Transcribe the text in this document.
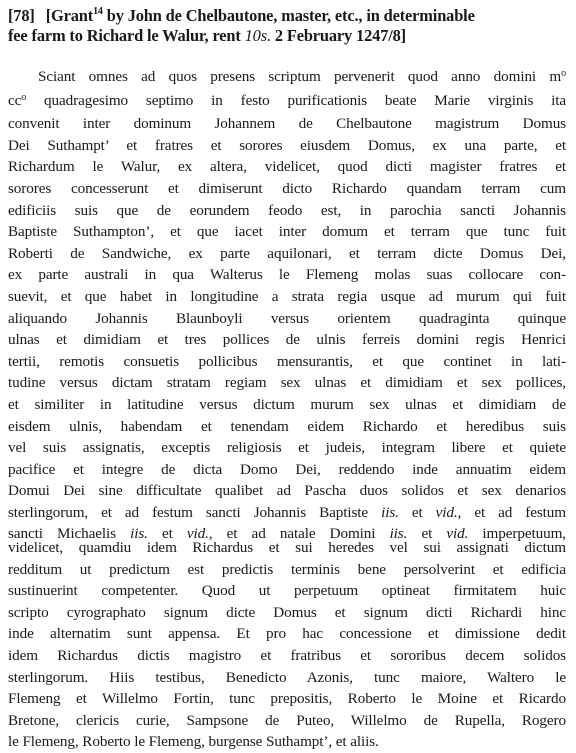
[78] [Grant$^{14}$ by John de Chelbautone, master, etc., in determinable
fee farm to Richard le Walur, rent 10s. 2 February 1247/8]
Sciant omnes ad quos presens scriptum pervenerit quod anno domini $m^o$
$cc^o$ quadragesimo septimo in festo purificationis beate Marie virginis ita
convenit inter dominum Johannem de Chelbautone magistrum Domus
Dei Suthampt’ et fratres et sorores eiusdem Domus, ex una parte, et
Richardum le Walur, ex altera, videlicet, quod dicti magister fratres et
sorores concesserunt et dimiserunt dicto Richardo quandam terram cum
edificiis suis que de eorundem feodo est, in parochia sancti Johannis
Baptiste Suthampton’, et que iacet inter domum et terram que tunc fuit
Roberti de Sandwiche, ex parte aquilonari, et terram dicte Domus Dei,
ex parte australi in qua Walterus le Flemeng molas suas collocare con-
suevit, et que habet in longitudine a strata regia usque ad murum qui fuit
aliquando Johannis Blaunboyli versus orientem quadraginta quinque
ulnas et dimidiam et tres pollices de ulnis ferreis domini regis Henrici
tertii, remotis consuetis pollicibus mensurantis, et que continet in lati-
tudine versus dictam stratam regiam sex ulnas et dimidiam et sex pollices,
et similiter in latitudine versus dictum murum sex ulnas et dimidiam de
eisdem ulnis, habendam et tenendam eidem Richardo et heredibus suis
vel suis assignatis, exceptis religiosis et judeis, integram libere et quiete
pacifice et integre de dicta Domo Dei, reddendo inde annuatim eidem
Domui Dei sine difficultate qualibet ad Pascha duos solidos et sex denarios
sterlingorum, et ad festum sancti Johannis Baptiste iis. et vid., et ad festum
sancti Michaelis iis. et vid., et ad natale Domini iis. et vid. imperpetuum,
videlicet, quamdiu idem Richardus et sui heredes vel sui assignati dictum
redditum ut predictum est predictis terminis bene persolverint et edificia
sustinuerint competenter. Quod ut perpetuum optineat firmitatem huic
scripto cyrographato signum dicte Domus et signum dicti Richardi hinc
inde alternatim sunt appensa. Et pro hac concessione et dimissione dedit
idem Richardus dictis magistro et fratribus et sororibus decem solidos
sterlingorum. Hiis testibus, Benedicto Azonis, tunc maiore, Waltero le
Flemeng et Willelmo Fortin, tunc prepositis, Roberto le Moine et Ricardo
Bretone, clericis curie, Sampsone de Puteo, Willelmo de Rupella, Rogero
le Flemeng, Roberto le Flemeng, burgense Suthampt’, et aliis.
